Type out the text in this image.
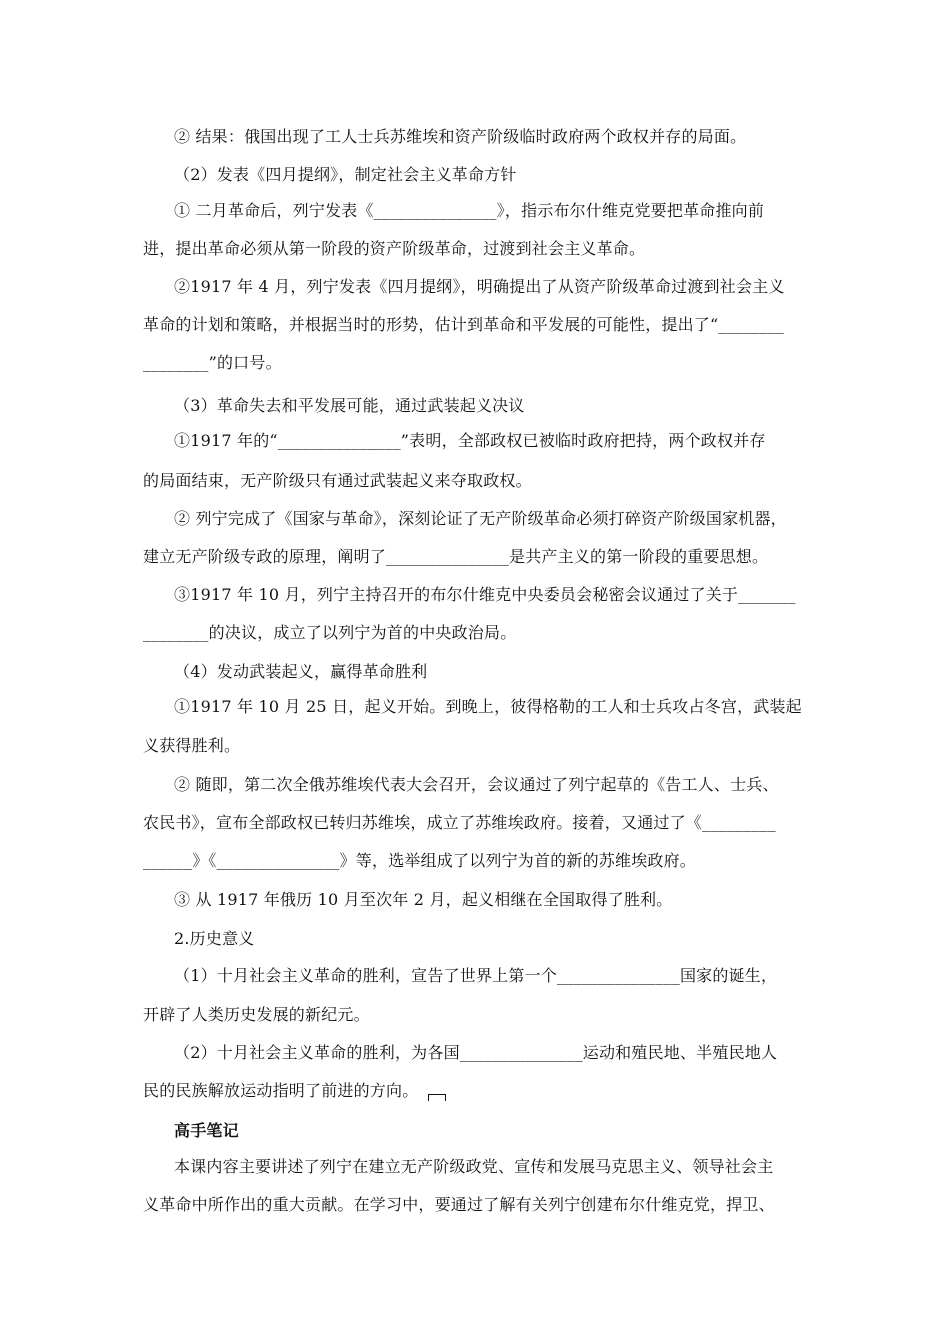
② 结果：俄国出现了工人士兵苏维埃和资产阶级临时政府两个政权并存的局面。
（2）发表《四月提纲》，制定社会主义革命方针
① 二月革命后，列宁发表《_______________》，指示布尔什维克党要把革命推向前
进，提出革命必须从第一阶段的资产阶级革命，过渡到社会主义革命。
②1917 年 4 月，列宁发表《四月提纲》，明确提出了从资产阶级革命过渡到社会主义
革命的计划和策略，并根据当时的形势，估计到革命和平发展的可能性，提出了“________
________”的口号。
（3）革命失去和平发展可能，通过武装起义决议
①1917 年的“_______________”表明，全部政权已被临时政府把持，两个政权并存
的局面结束，无产阶级只有通过武装起义来夺取政权。
② 列宁完成了《国家与革命》，深刻论证了无产阶级革命必须打碎资产阶级国家机器，
建立无产阶级专政的原理，阐明了_______________是共产主义的第一阶段的重要思想。
③1917 年 10 月，列宁主持召开的布尔什维克中央委员会秘密会议通过了关于_______
________的决议，成立了以列宁为首的中央政治局。
（4）发动武装起义，赢得革命胜利
①1917 年 10 月 25 日，起义开始。到晚上，彼得格勒的工人和士兵攻占冬宫，武装起
义获得胜利。
② 随即，第二次全俄苏维埃代表大会召开，会议通过了列宁起草的《告工人、士兵、
农民书》，宣布全部政权已转归苏维埃，成立了苏维埃政府。接着，又通过了《_________
______》《_______________》等，选举组成了以列宁为首的新的苏维埃政府。
③ 从 1917 年俄历 10 月至次年 2 月，起义相继在全国取得了胜利。
2.历史意义
（1）十月社会主义革命的胜利，宣告了世界上第一个_______________国家的诞生，
开辟了人类历史发展的新纪元。
（2）十月社会主义革命的胜利，为各国_______________运动和殖民地、半殖民地人
民的民族解放运动指明了前进的方向。
高手笔记
本课内容主要讲述了列宁在建立无产阶级政党、宣传和发展马克思主义、领导社会主
义革命中所作出的重大贡献。在学习中，要通过了解有关列宁创建布尔什维克党，捍卫、
